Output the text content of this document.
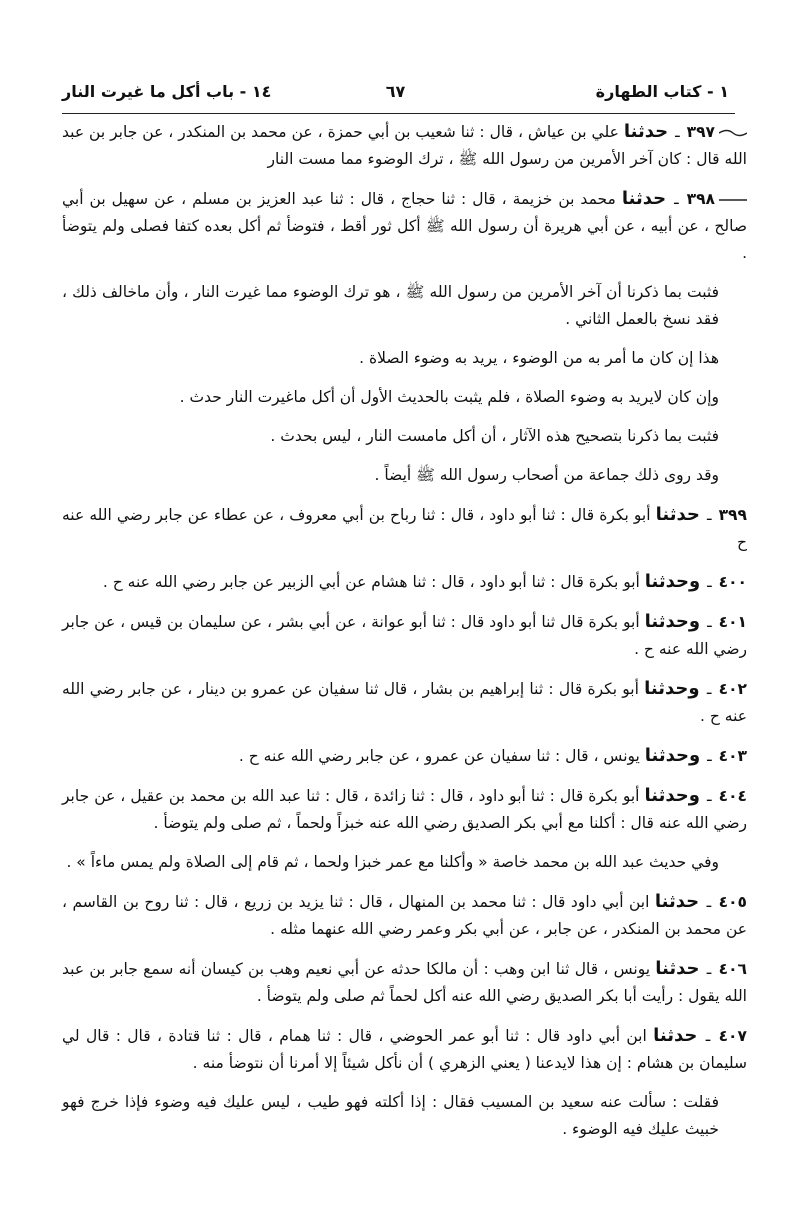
١ - كتاب الطهارة
٦٧
١٤ - باب أكل ما غيرت النار

٣٩٧ ـ حدثنا علي بن عياش ، قال : ثنا شعيب بن أبي حمزة ، عن محمد بن المنكدر ، عن جابر بن عبد الله قال : كان آخر الأمرين من رسول الله ﷺ ، ترك الوضوء مما مست النار

٣٩٨ ـ حدثنا محمد بن خزيمة ، قال : ثنا حجاج ، قال : ثنا عبد العزيز بن مسلم ، عن سهيل بن أبي صالح ، عن أبيه ، عن أبي هريرة أن رسول الله ﷺ أكل ثور أقط ، فتوضأ ثم أكل بعده كتفا فصلى ولم يتوضأ .

فثبت بما ذكرنا أن آخر الأمرين من رسول الله ﷺ ، هو ترك الوضوء مما غيرت النار ، وأن ماخالف ذلك ، فقد نسخ بالعمل الثاني .

هذا إن كان ما أمر به من الوضوء ، يريد به وضوء الصلاة .

وإن كان لايريد به وضوء الصلاة ، فلم يثبت بالحديث الأول أن أكل ماغيرت النار حدث .

فثبت بما ذكرنا بتصحيح هذه الآثار ، أن أكل مامست النار ، ليس بحدث .

وقد روى ذلك جماعة من أصحاب رسول الله ﷺ أيضاً .

٣٩٩ ـ حدثنا أبو بكرة قال : ثنا أبو داود ، قال : ثنا رباح بن أبي معروف ، عن عطاء عن جابر رضي الله عنه ح

٤٠٠ ـ وحدثنا أبو بكرة قال : ثنا أبو داود ، قال : ثنا هشام عن أبي الزبير عن جابر رضي الله عنه ح .

٤٠١ ـ وحدثنا أبو بكرة قال ثنا أبو داود قال : ثنا أبو عوانة ، عن أبي بشر ، عن سليمان بن قيس ، عن جابر رضي الله عنه ح .

٤٠٢ ـ وحدثنا أبو بكرة قال : ثنا إبراهيم بن بشار ، قال ثنا سفيان عن عمرو بن دينار ، عن جابر رضي الله عنه ح .

٤٠٣ ـ وحدثنا يونس ، قال : ثنا سفيان عن عمرو ، عن جابر رضي الله عنه ح .

٤٠٤ ـ وحدثنا أبو بكرة قال : ثنا أبو داود ، قال : ثنا زائدة ، قال : ثنا عبد الله بن محمد بن عقيل ، عن جابر رضي الله عنه قال : أكلنا مع أبي بكر الصديق رضي الله عنه خبزاً ولحماً ، ثم صلى ولم يتوضأ .

وفي حديث عبد الله بن محمد خاصة « وأكلنا مع عمر خبزا ولحما ، ثم قام إلى الصلاة ولم يمس ماءاً » .

٤٠٥ ـ حدثنا ابن أبي داود قال : ثنا محمد بن المنهال ، قال : ثنا يزيد بن زريع ، قال : ثنا روح بن القاسم ، عن محمد بن المنكدر ، عن جابر ، عن أبي بكر وعمر رضي الله عنهما مثله .

٤٠٦ ـ حدثنا يونس ، قال ثنا ابن وهب : أن مالكا حدثه عن أبي نعيم وهب بن كيسان أنه سمع جابر بن عبد الله يقول : رأيت أبا بكر الصديق رضي الله عنه أكل لحماً ثم صلى ولم يتوضأ .

٤٠٧ ـ حدثنا ابن أبي داود قال : ثنا أبو عمر الحوضي ، قال : ثنا همام ، قال : ثنا قتادة ، قال : قال لي سليمان بن هشام : إن هذا لايدعنا ( يعني الزهري ) أن نأكل شيئاً إلا أمرنا أن نتوضأ منه .

فقلت : سألت عنه سعيد بن المسيب فقال : إذا أكلته فهو طيب ، ليس عليك فيه وضوء فإذا خرج فهو خبيث عليك فيه الوضوء .
